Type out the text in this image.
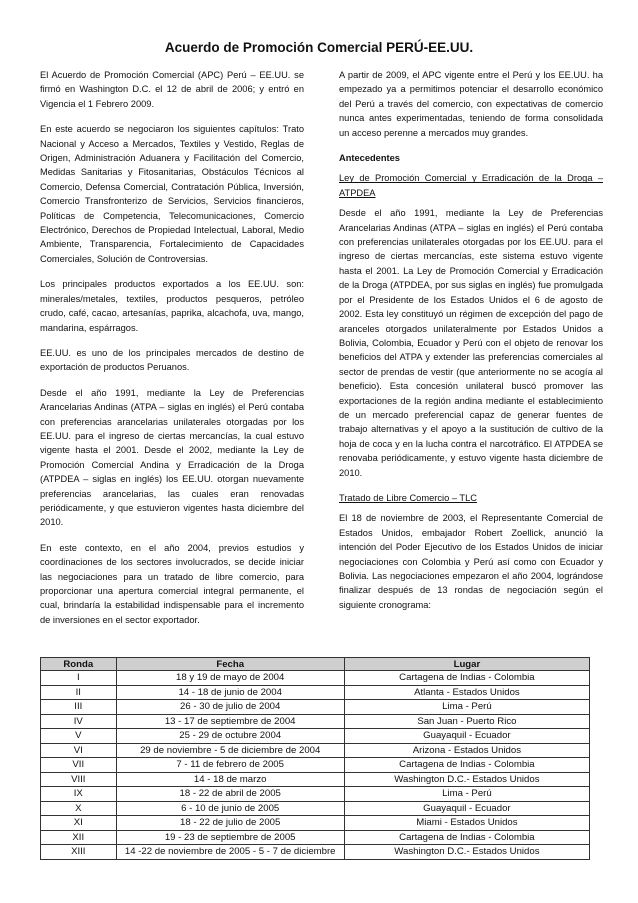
Acuerdo de Promoción Comercial PERÚ-EE.UU.

El Acuerdo de Promoción Comercial (APC) Perú – EE.UU. se firmó en Washington D.C. el 12 de abril de 2006; y entró en Vigencia el 1 Febrero 2009.

En este acuerdo se negociaron los siguientes capítulos: Trato Nacional y Acceso a Mercados, Textiles y Vestido, Reglas de Origen, Administración Aduanera y Facilitación del Comercio, Medidas Sanitarias y Fitosanitarias, Obstáculos Técnicos al Comercio, Defensa Comercial, Contratación Pública, Inversión, Comercio Transfronterizo de Servicios, Servicios financieros, Políticas de Competencia, Telecomunicaciones, Comercio Electrónico, Derechos de Propiedad Intelectual, Laboral, Medio Ambiente, Transparencia, Fortalecimiento de Capacidades Comerciales, Solución de Controversias.

Los principales productos exportados a los EE.UU. son: minerales/metales, textiles, productos pesqueros, petróleo crudo, café, cacao, artesanías, paprika, alcachofa, uva, mango, mandarina, espárragos.

EE.UU. es uno de los principales mercados de destino de exportación de productos Peruanos.

Desde el año 1991, mediante la Ley de Preferencias Arancelarias Andinas (ATPA – siglas en inglés) el Perú contaba con preferencias arancelarias unilaterales otorgadas por los EE.UU. para el ingreso de ciertas mercancías, la cual estuvo vigente hasta el 2001. Desde el 2002, mediante la Ley de Promoción Comercial Andina y Erradicación de la Droga (ATPDEA – siglas en inglés) los EE.UU. otorgan nuevamente preferencias arancelarias, las cuales eran renovadas periódicamente, y que estuvieron vigentes hasta diciembre del 2010.

En este contexto, en el año 2004, previos estudios y coordinaciones de los sectores involucrados, se decide iniciar las negociaciones para un tratado de libre comercio, para proporcionar una apertura comercial integral permanente, el cual, brindaría la estabilidad indispensable para el incremento de inversiones en el sector exportador.

A partir de 2009, el APC vigente entre el Perú y los EE.UU. ha empezado ya a permitimos potenciar el desarrollo económico del Perú a través del comercio, con expectativas de comercio nunca antes experimentadas, teniendo de forma consolidada un acceso perenne a mercados muy grandes.

Antecedentes

Ley de Promoción Comercial y Erradicación de la Droga – ATPDEA

Desde el año 1991, mediante la Ley de Preferencias Arancelarias Andinas (ATPA – siglas en inglés) el Perú contaba con preferencias unilaterales otorgadas por los EE.UU. para el ingreso de ciertas mercancías, este sistema estuvo vigente hasta el 2001. La Ley de Promoción Comercial y Erradicación de la Droga (ATPDEA, por sus siglas en inglés) fue promulgada por el Presidente de los Estados Unidos el 6 de agosto de 2002. Esta ley constituyó un régimen de excepción del pago de aranceles otorgados unilateralmente por Estados Unidos a Bolivia, Colombia, Ecuador y Perú con el objeto de renovar los beneficios del ATPA y extender las preferencias comerciales al sector de prendas de vestir (que anteriormente no se acogía al beneficio). Esta concesión unilateral buscó promover las exportaciones de la región andina mediante el establecimiento de un mercado preferencial capaz de generar fuentes de trabajo alternativas y el apoyo a la sustitución de cultivo de la hoja de coca y en la lucha contra el narcotráfico. El ATPDEA se renovaba periódicamente, y estuvo vigente hasta diciembre de 2010.

Tratado de Libre Comercio – TLC

El 18 de noviembre de 2003, el Representante Comercial de Estados Unidos, embajador Robert Zoellick, anunció la intención del Poder Ejecutivo de los Estados Unidos de iniciar negociaciones con Colombia y Perú así como con Ecuador y Bolivia. Las negociaciones empezaron el año 2004, lográndose finalizar después de 13 rondas de negociación según el siguiente cronograma:

Ronda	Fecha	Lugar
I	18 y 19 de mayo de 2004	Cartagena de Indias - Colombia
II	14 - 18 de junio de 2004	Atlanta - Estados Unidos
III	26 - 30 de julio de 2004	Lima - Perú
IV	13 - 17 de septiembre de 2004	San Juan - Puerto Rico
V	25 - 29 de octubre 2004	Guayaquil - Ecuador
VI	29 de noviembre - 5 de diciembre de 2004	Arizona - Estados Unidos
VII	7 - 11 de febrero de 2005	Cartagena de Indias - Colombia
VIII	14 - 18 de marzo	Washington D.C.- Estados Unidos
IX	18 - 22 de abril de 2005	Lima - Perú
X	6 - 10 de junio de 2005	Guayaquil - Ecuador
XI	18 - 22 de julio de 2005	Miami - Estados Unidos
XII	19 - 23 de septiembre de 2005	Cartagena de Indias - Colombia
XIII	14 -22 de noviembre de 2005 - 5 - 7 de diciembre	Washington D.C.- Estados Unidos
